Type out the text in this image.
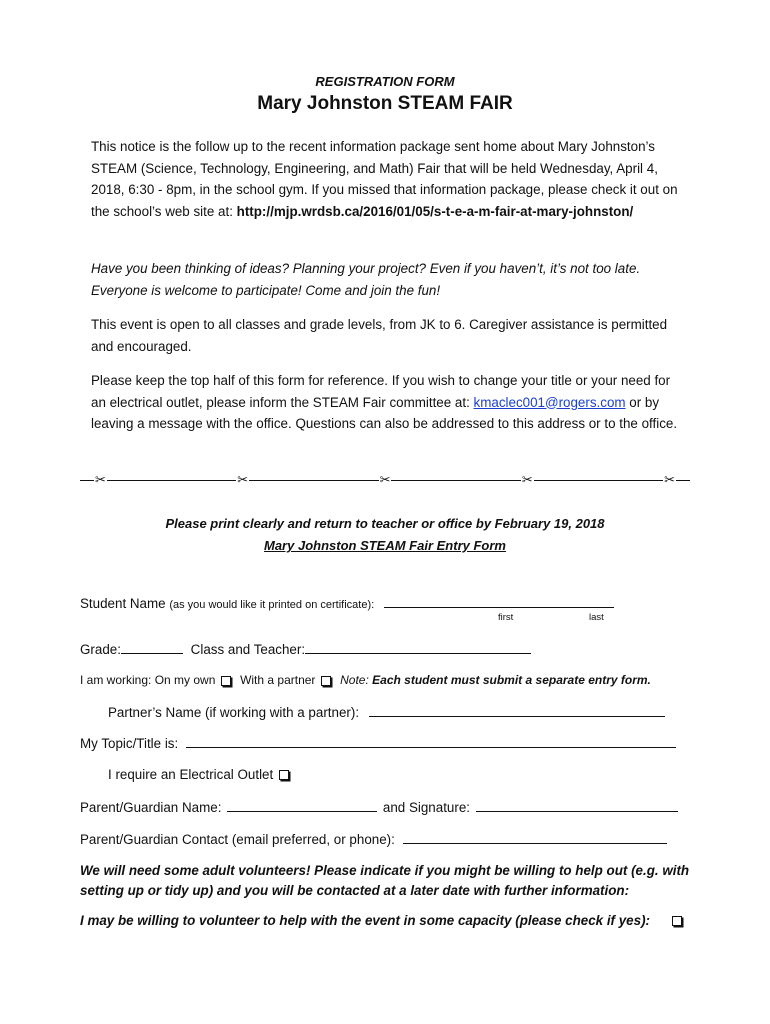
REGISTRATION FORM
Mary Johnston STEAM FAIR
This notice is the follow up to the recent information package sent home about Mary Johnston’s STEAM (Science, Technology, Engineering, and Math) Fair that will be held Wednesday, April 4, 2018, 6:30 - 8pm, in the school gym. If you missed that information package, please check it out on the school’s web site at: http://mjp.wrdsb.ca/2016/01/05/s-t-e-a-m-fair-at-mary-johnston/
Have you been thinking of ideas? Planning your project? Even if you haven’t, it’s not too late. Everyone is welcome to participate! Come and join the fun!
This event is open to all classes and grade levels, from JK to 6. Caregiver assistance is permitted and encouraged.
Please keep the top half of this form for reference. If you wish to change your title or your need for an electrical outlet, please inform the STEAM Fair committee at: kmaclec001@rogers.com or by leaving a message with the office. Questions can also be addressed to this address or to the office.
✂	✂	✂	✂	✂
Please print clearly and return to teacher or office by February 19, 2018
Mary Johnston STEAM Fair Entry Form
Student Name (as you would like it printed on certificate):
first	last
Grade:	Class and Teacher:
I am working: On my own With a partner Note: Each student must submit a separate entry form.
Partner’s Name (if working with a partner):
My Topic/Title is:
I require an Electrical Outlet
Parent/Guardian Name:	and Signature:
Parent/Guardian Contact (email preferred, or phone):
We will need some adult volunteers! Please indicate if you might be willing to help out (e.g. with setting up or tidy up) and you will be contacted at a later date with further information:
I may be willing to volunteer to help with the event in some capacity (please check if yes):
